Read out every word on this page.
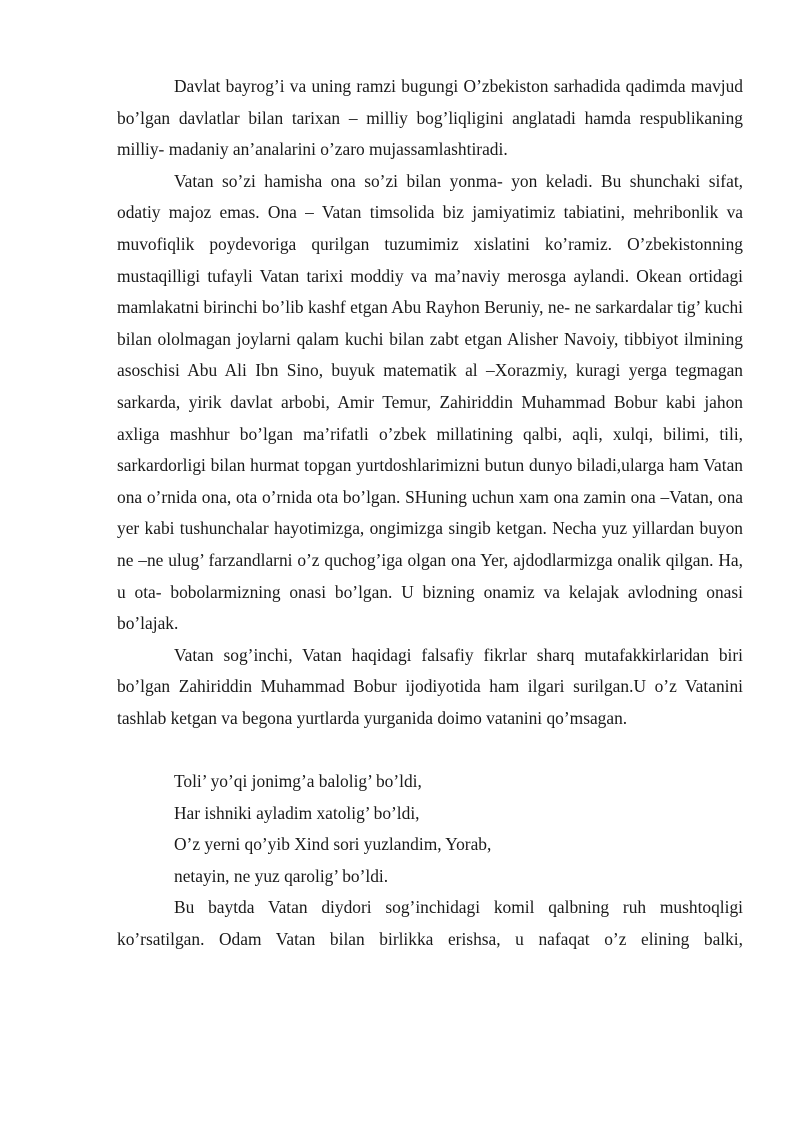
Davlat bayrog’i va uning ramzi bugungi O’zbekiston sarhadida qadimda mavjud bo’lgan davlatlar bilan tarixan – milliy bog’liqligini anglatadi hamda respublikaning milliy- madaniy an’analarini o’zaro mujassamlashtiradi.

Vatan so’zi hamisha ona so’zi bilan yonma- yon keladi. Bu shunchaki sifat, odatiy majoz emas. Ona – Vatan timsolida biz jamiyatimiz tabiatini, mehribonlik va muvofiqlik poydevoriga qurilgan tuzumimiz xislatini ko’ramiz. O’zbekistonning mustaqilligi tufayli Vatan tarixi moddiy va ma’naviy merosga aylandi. Okean ortidagi mamlakatni birinchi bo’lib kashf etgan Abu Rayhon Beruniy, ne- ne sarkardalar tig’ kuchi bilan ololmagan joylarni qalam kuchi bilan zabt etgan Alisher Navoiy, tibbiyot ilmining asoschisi Abu Ali Ibn Sino, buyuk matematik al –Xorazmiy, kuragi yerga tegmagan sarkarda, yirik davlat arbobi, Amir Temur, Zahiriddin Muhammad Bobur kabi jahon axliga mashhur bo’lgan ma’rifatli o’zbek millatining qalbi, aqli, xulqi, bilimi, tili, sarkardorligi bilan hurmat topgan yurtdoshlarimizni butun dunyo biladi,ularga ham Vatan ona o’rnida ona, ota o’rnida ota bo’lgan. SHuning uchun xam ona zamin ona –Vatan, ona yer kabi tushunchalar hayotimizga, ongimizga singib ketgan. Necha yuz yillardan buyon ne –ne ulug’ farzandlarni o’z quchog’iga olgan ona Yer, ajdodlarmizga onalik qilgan. Ha, u ota- bobolarmizning onasi bo’lgan. U bizning onamiz va kelajak avlodning onasi bo’lajak.

Vatan sog’inchi, Vatan haqidagi falsafiy fikrlar sharq mutafakkirlaridan biri bo’lgan Zahiriddin Muhammad Bobur ijodiyotida ham ilgari surilgan.U o’z Vatanini tashlab ketgan va begona yurtlarda yurganida doimo vatanini qo’msagan.

Toli’ yo’qi jonimg’a balolig’ bo’ldi,

Har ishniki ayladim xatolig’ bo’ldi,

O’z yerni qo’yib Xind sori yuzlandim, Yorab,

netayin, ne yuz qarolig’ bo’ldi.

Bu baytda Vatan diydori sog’inchidagi komil qalbning ruh mushtoqligi ko’rsatilgan. Odam Vatan bilan birlikka erishsa, u nafaqat o’z elining balki,
